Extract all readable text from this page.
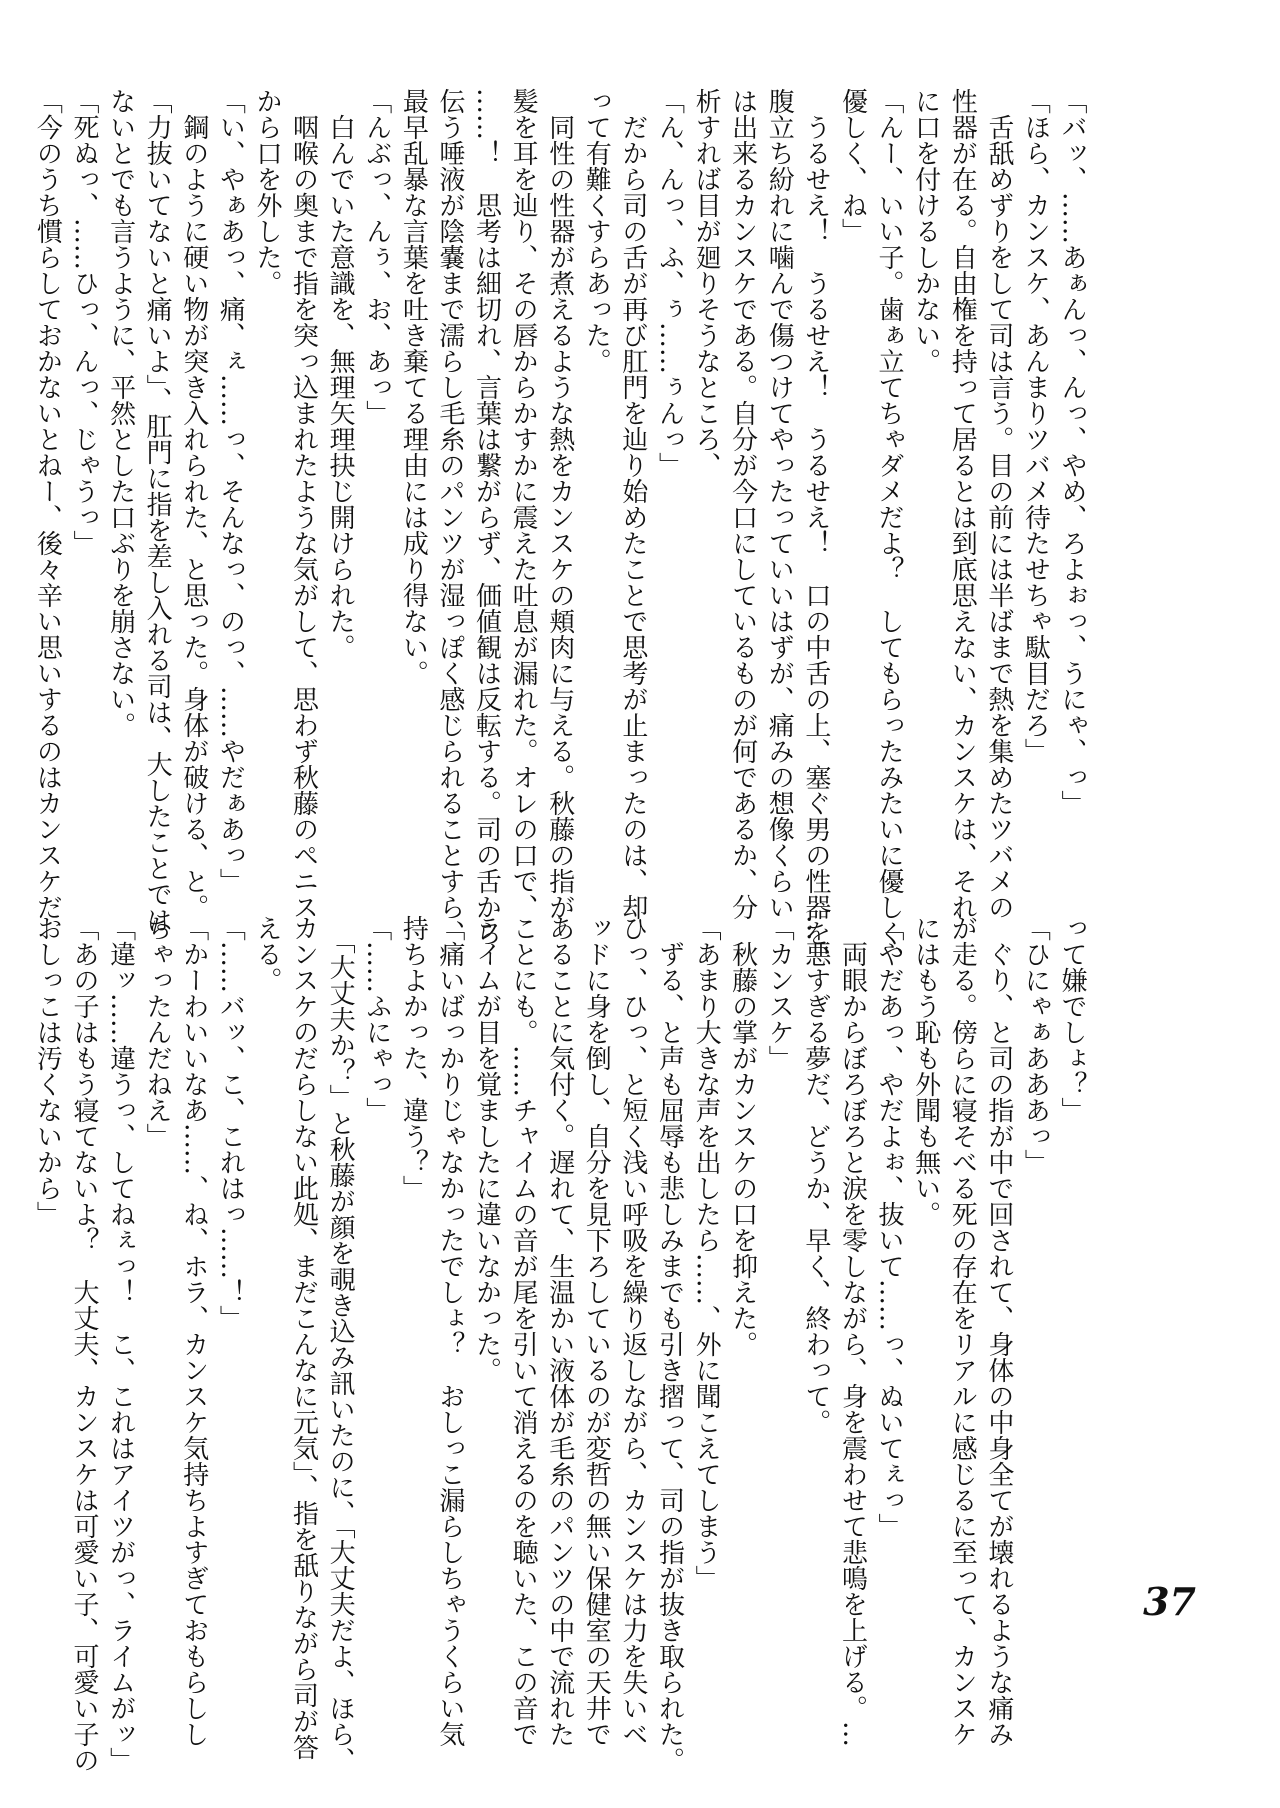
「バッ、……あぁんっ、んっ、やめ、ろよぉっ、うにゃ、っ」
「ほら、カンスケ、あんまりツバメ待たせちゃ駄目だろ」
　舌舐めずりをして司は言う。目の前には半ばまで熱を集めたツバメの
性器が在る。自由権を持って居るとは到底思えない、カンスケは、それ
に口を付けるしかない。
「んー、いい子。歯ぁ立てちゃダメだよ？　してもらったみたいに優しく、
優しく、ね」
　うるせえ！　うるせえ！　うるせえ！　口の中舌の上、塞ぐ男の性器を、
腹立ち紛れに噛んで傷つけてやったっていいはずが、痛みの想像くらい
は出来るカンスケである。自分が今口にしているものが何であるか、分
析すれば目が廻りそうなところ、
「ん、んっ、ふ、ぅ……ぅんっ」
　だから司の舌が再び肛門を辿り始めたことで思考が止まったのは、却
って有難くすらあった。
　同性の性器が煮えるような熱をカンスケの頬肉に与える。秋藤の指が
髪を耳を辿り、その唇からかすかに震えた吐息が漏れた。オレの口で、
……！　思考は細切れ、言葉は繋がらず、価値観は反転する。司の舌から
伝う唾液が陰嚢まで濡らし毛糸のパンツが湿っぽく感じられることすら、
最早乱暴な言葉を吐き棄てる理由には成り得ない。
「んぶっ、んぅ、お、あっ」
　白んでいた意識を、無理矢理抉じ開けられた。
　咽喉の奥まで指を突っ込まれたような気がして、思わず秋藤のペニス
から口を外した。
「い、やぁあっ、痛、ぇ……っ、そんなっ、のっ、……やだぁあっ」
　鋼のように硬い物が突き入れられた、と思った。身体が破ける、と。
「力抜いてないと痛いよ」、肛門に指を差し入れる司は、大したことでは
ないとでも言うように、平然とした口ぶりを崩さない。
「死ぬっ、……ひっ、んっ、じゃうっ」
「今のうち慣らしておかないとねー、後々辛い思いするのはカンスケだ
って嫌でしょ？」
「ひにゃぁあああっ」
　ぐり、と司の指が中で回されて、身体の中身全てが壊れるような痛み
が走る。傍らに寝そべる死の存在をリアルに感じるに至って、カンスケ
にはもう恥も外聞も無い。
「やだあっ、やだよぉ、抜いて……っ、ぬいてぇっ」
　両眼からぼろぼろと涙を零しながら、身を震わせて悲鳴を上げる。…
…悪すぎる夢だ、どうか、早く、終わって。
「カンスケ」
　秋藤の掌がカンスケの口を抑えた。
「あまり大きな声を出したら……、外に聞こえてしまう」
　ずる、と声も屈辱も悲しみまでも引き摺って、司の指が抜き取られた。
ひっ、ひっ、と短く浅い呼吸を繰り返しながら、カンスケは力を失いベ
ッドに身を倒し、自分を見下ろしているのが変哲の無い保健室の天井で
あることに気付く。遅れて、生温かい液体が毛糸のパンツの中で流れた
ことにも。……チャイムの音が尾を引いて消えるのを聴いた、この音で
ライムが目を覚ましたに違いなかった。
「痛いばっかりじゃなかったでしょ？　おしっこ漏らしちゃうくらい気
持ちよかった、違う？」
「……ふにゃっ」
　「大丈夫か？」と秋藤が顔を覗き込み訊いたのに、「大丈夫だよ、ほら、
カンスケのだらしない此処、まだこんなに元気」、指を舐りながら司が答
える。
「……バッ、こ、これはっ……！」
「かーわいいなあ……、ね、ホラ、カンスケ気持ちよすぎておもらしし
ちゃったんだねえ」
「違ッ……違うっ、してねぇっ！　こ、これはアイツがっ、ライムがッ」
「あの子はもう寝てないよ？　大丈夫、カンスケは可愛い子、可愛い子の
おしっこは汚くないから」
37
